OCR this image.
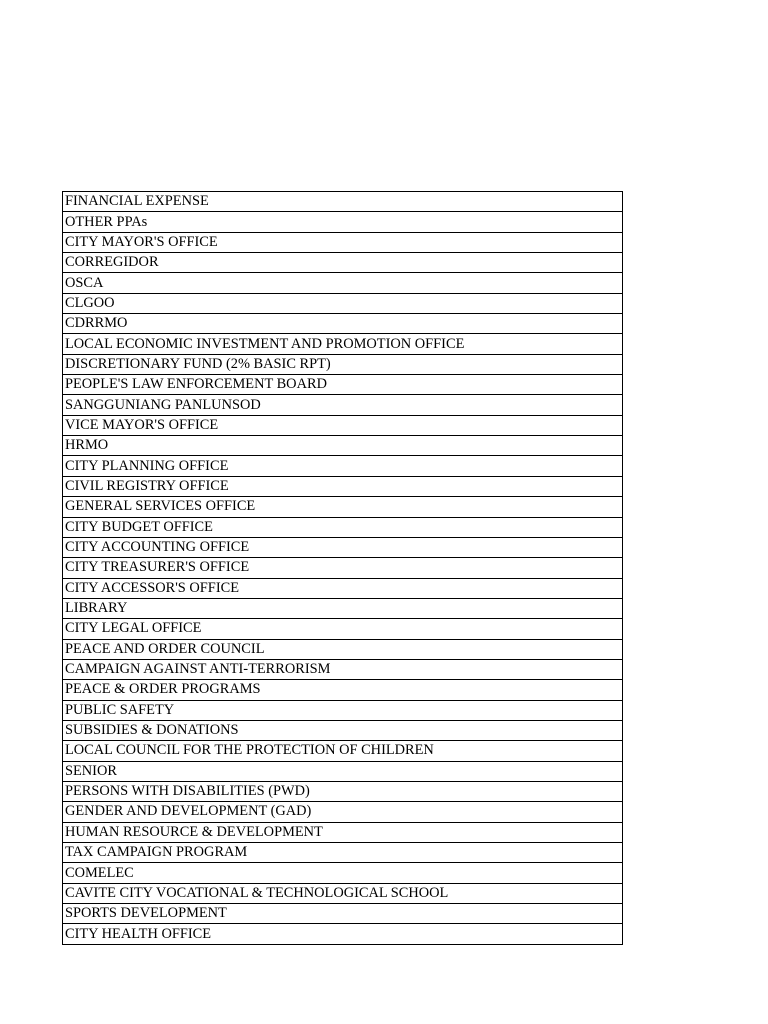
FINANCIAL EXPENSE
OTHER PPAs
CITY MAYOR'S OFFICE
CORREGIDOR
OSCA
CLGOO
CDRRMO
LOCAL ECONOMIC INVESTMENT AND PROMOTION OFFICE
DISCRETIONARY FUND (2% BASIC RPT)
PEOPLE'S LAW ENFORCEMENT BOARD
SANGGUNIANG PANLUNSOD
VICE MAYOR'S OFFICE
HRMO
CITY PLANNING OFFICE
CIVIL REGISTRY OFFICE
GENERAL SERVICES OFFICE
CITY BUDGET OFFICE
CITY ACCOUNTING OFFICE
CITY TREASURER'S OFFICE
CITY ACCESSOR'S OFFICE
LIBRARY
CITY LEGAL OFFICE
PEACE AND ORDER COUNCIL
CAMPAIGN AGAINST ANTI-TERRORISM
PEACE & ORDER PROGRAMS
PUBLIC SAFETY
SUBSIDIES & DONATIONS
LOCAL COUNCIL FOR THE PROTECTION OF CHILDREN
SENIOR
PERSONS WITH DISABILITIES (PWD)
GENDER AND DEVELOPMENT (GAD)
HUMAN RESOURCE & DEVELOPMENT
TAX CAMPAIGN PROGRAM
COMELEC
CAVITE CITY VOCATIONAL & TECHNOLOGICAL SCHOOL
SPORTS DEVELOPMENT
CITY HEALTH OFFICE
